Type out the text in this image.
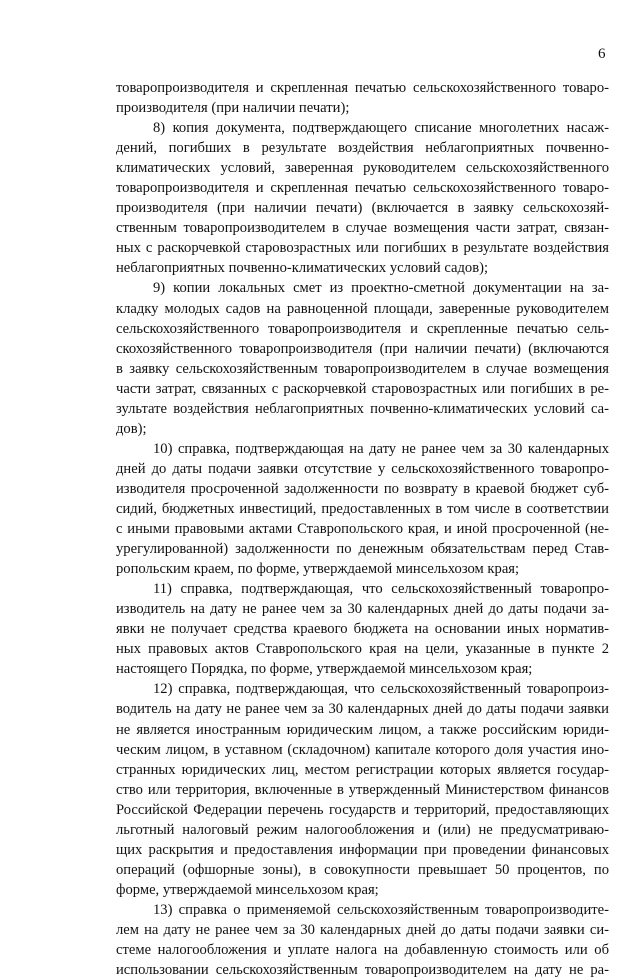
6
товаропроизводителя и скрепленная печатью сельскохозяйственного товаро-
производителя (при наличии печати);
8) копия документа, подтверждающего списание многолетних насаж-
дений, погибших в результате воздействия неблагоприятных почвенно-
климатических условий, заверенная руководителем сельскохозяйственного
товаропроизводителя и скрепленная печатью сельскохозяйственного товаро-
производителя (при наличии печати) (включается в заявку сельскохозяй-
ственным товаропроизводителем в случае возмещения части затрат, связан-
ных с раскорчевкой старовозрастных или погибших в результате воздействия
неблагоприятных почвенно-климатических условий садов);
9) копии локальных смет из проектно-сметной документации на за-
кладку молодых садов на равноценной площади, заверенные руководителем
сельскохозяйственного товаропроизводителя и скрепленные печатью сель-
скохозяйственного товаропроизводителя (при наличии печати) (включаются
в заявку сельскохозяйственным товаропроизводителем в случае возмещения
части затрат, связанных с раскорчевкой старовозрастных или погибших в ре-
зультате воздействия неблагоприятных почвенно-климатических условий са-
дов);
10) справка, подтверждающая на дату не ранее чем за 30 календарных
дней до даты подачи заявки отсутствие у сельскохозяйственного товаропро-
изводителя просроченной задолженности по возврату в краевой бюджет суб-
сидий, бюджетных инвестиций, предоставленных в том числе в соответствии
с иными правовыми актами Ставропольского края, и иной просроченной (не-
урегулированной) задолженности по денежным обязательствам перед Став-
ропольским краем, по форме, утверждаемой минсельхозом края;
11) справка, подтверждающая, что сельскохозяйственный товаропро-
изводитель на дату не ранее чем за 30 календарных дней до даты подачи за-
явки не получает средства краевого бюджета на основании иных норматив-
ных правовых актов Ставропольского края на цели, указанные в пункте 2
настоящего Порядка, по форме, утверждаемой минсельхозом края;
12) справка, подтверждающая, что сельскохозяйственный товаропроиз-
водитель на дату не ранее чем за 30 календарных дней до даты подачи заявки
не является иностранным юридическим лицом, а также российским юриди-
ческим лицом, в уставном (складочном) капитале которого доля участия ино-
странных юридических лиц, местом регистрации которых является государ-
ство или территория, включенные в утвержденный Министерством финансов
Российской Федерации перечень государств и территорий, предоставляющих
льготный налоговый режим налогообложения и (или) не предусматриваю-
щих раскрытия и предоставления информации при проведении финансовых
операций (офшорные зоны), в совокупности превышает 50 процентов, по
форме, утверждаемой минсельхозом края;
13) справка о применяемой сельскохозяйственным товаропроизводите-
лем на дату не ранее чем за 30 календарных дней до даты подачи заявки си-
стеме налогообложения и уплате налога на добавленную стоимость или об
использовании сельскохозяйственным товаропроизводителем на дату не ра-
